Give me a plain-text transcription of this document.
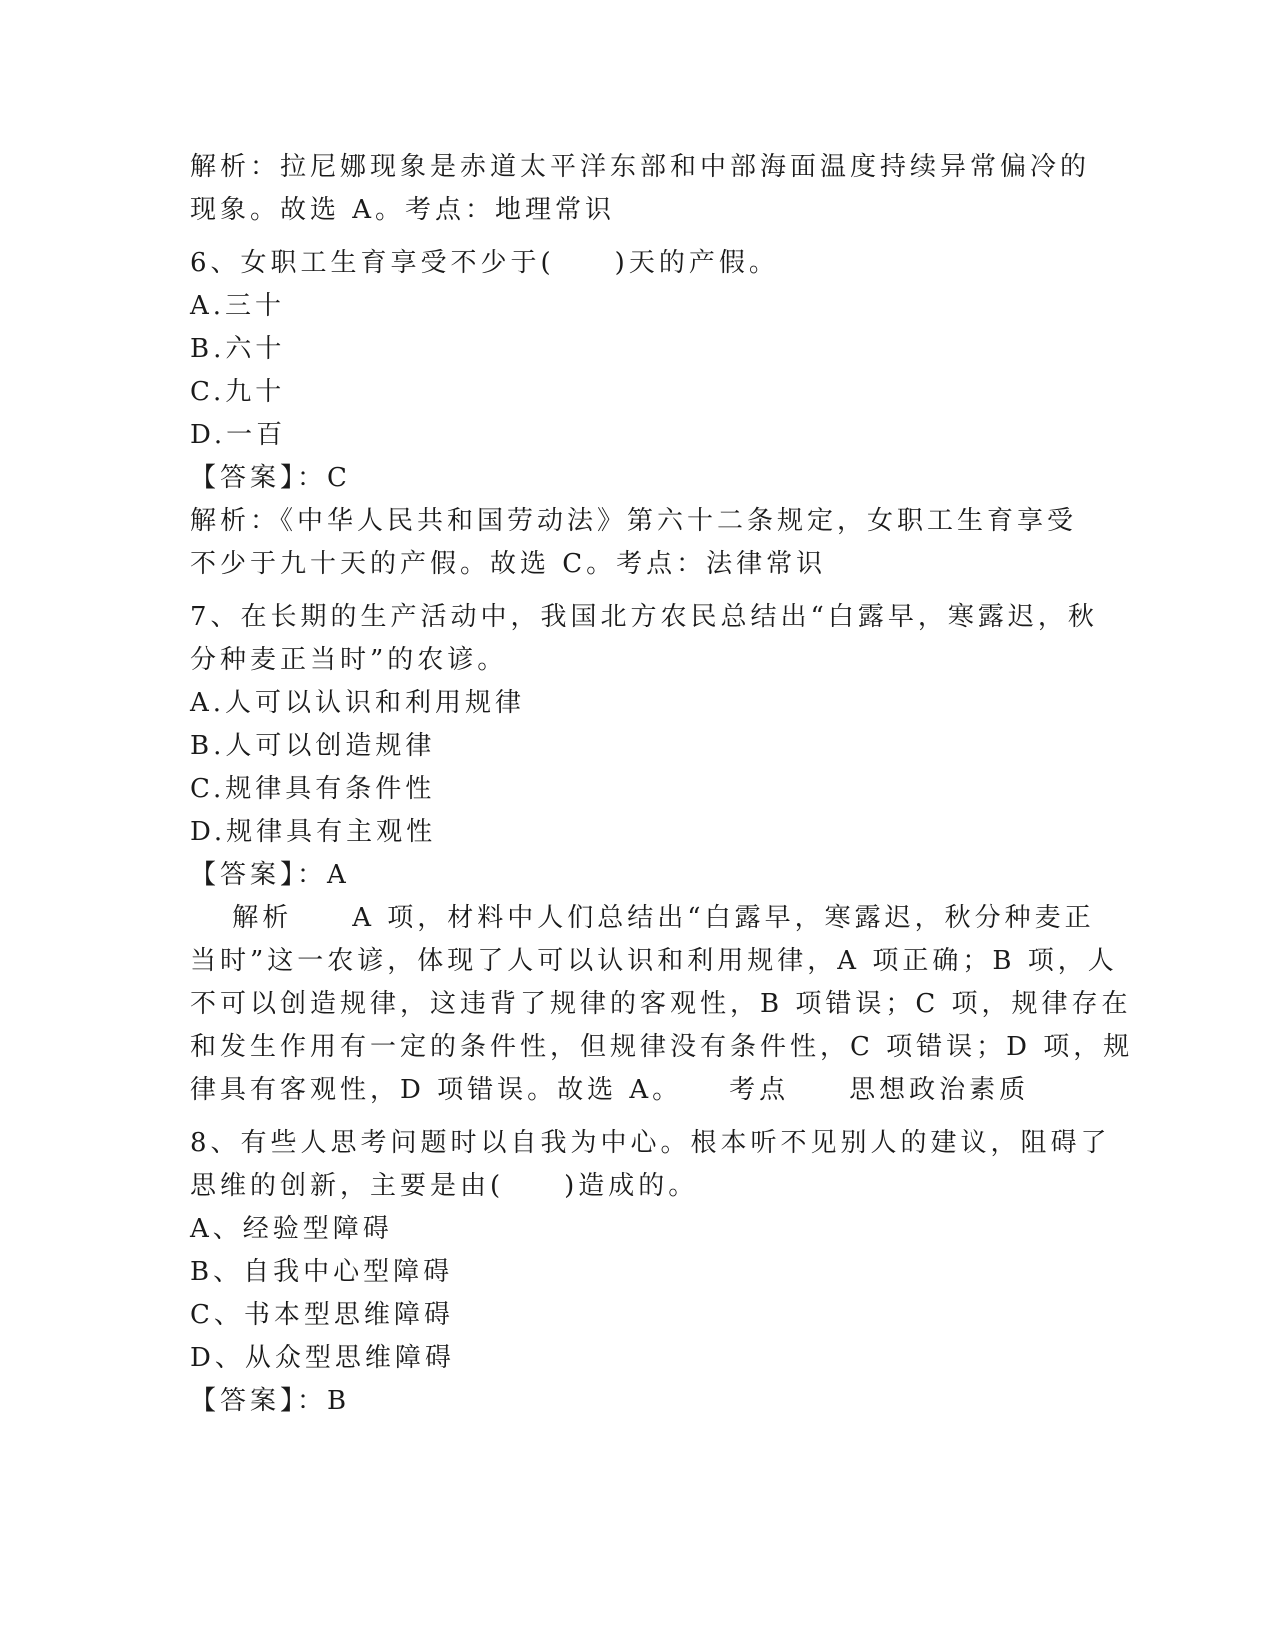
解析：拉尼娜现象是赤道太平洋东部和中部海面温度持续异常偏冷的
现象。故选 A。考点：地理常识
6、女职工生育享受不少于(　　)天的产假。
A.三十
B.六十
C.九十
D.一百
【答案】：C
解析：《中华人民共和国劳动法》第六十二条规定，女职工生育享受
不少于九十天的产假。故选 C。考点：法律常识
7、在长期的生产活动中，我国北方农民总结出“白露早，寒露迟，秋
分种麦正当时”的农谚。
A.人可以认识和利用规律
B.人可以创造规律
C.规律具有条件性
D.规律具有主观性
【答案】：A
　 解析　　A 项，材料中人们总结出“白露早，寒露迟，秋分种麦正
当时”这一农谚，体现了人可以认识和利用规律，A 项正确；B 项，人
不可以创造规律，这违背了规律的客观性，B 项错误；C 项，规律存在
和发生作用有一定的条件性，但规律没有条件性，C 项错误；D 项，规
律具有客观性，D 项错误。故选 A。　　考点　　思想政治素质
8、有些人思考问题时以自我为中心。根本听不见别人的建议，阻碍了
思维的创新，主要是由(　　)造成的。
A、经验型障碍
B、自我中心型障碍
C、书本型思维障碍
D、从众型思维障碍
【答案】：B
